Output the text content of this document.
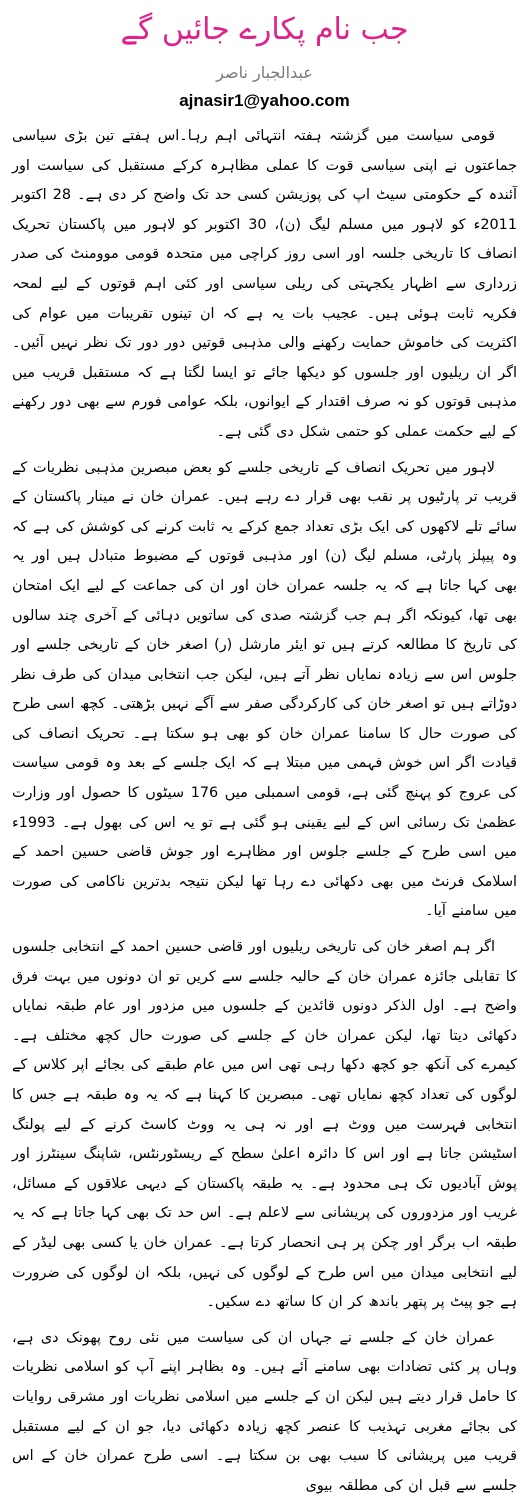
جب نام پکارے جائیں گے
عبدالجبار ناصر
ajnasir1@yahoo.com

قومی سیاست میں گزشتہ ہفتہ انتہائی اہم رہا۔اس ہفتے تین بڑی سیاسی جماعتوں نے اپنی سیاسی قوت کا عملی مظاہرہ کرکے مستقبل کی سیاست اور آئندہ کے حکومتی سیٹ اپ کی پوزیشن کسی حد تک واضح کر دی ہے۔ 28 اکتوبر 2011ء کو لاہور میں مسلم لیگ (ن)، 30 اکتوبر کو لاہور میں پاکستان تحریک انصاف کا تاریخی جلسہ اور اسی روز کراچی میں متحدہ قومی موومنٹ کی صدر زرداری سے اظہار یکجہتی کی ریلی سیاسی اور کئی اہم قوتوں کے لیے لمحہ فکریہ ثابت ہوئی ہیں۔ عجیب بات یہ ہے کہ ان تینوں تقریبات میں عوام کی اکثریت کی خاموش حمایت رکھنے والی مذہبی قوتیں دور دور تک نظر نہیں آئیں۔ اگر ان ریلیوں اور جلسوں کو دیکھا جائے تو ایسا لگتا ہے کہ مستقبل قریب میں مذہبی قوتوں کو نہ صرف اقتدار کے ایوانوں، بلکہ عوامی فورم سے بھی دور رکھنے کے لیے حکمت عملی کو حتمی شکل دی گئی ہے۔

لاہور میں تحریک انصاف کے تاریخی جلسے کو بعض مبصرین مذہبی نظریات کے قریب تر پارٹیوں پر نقب بھی قرار دے رہے ہیں۔ عمران خان نے مینار پاکستان کے سائے تلے لاکھوں کی ایک بڑی تعداد جمع کرکے یہ ثابت کرنے کی کوشش کی ہے کہ وہ پیپلز پارٹی، مسلم لیگ (ن) اور مذہبی قوتوں کے مضبوط متبادل ہیں اور یہ بھی کہا جاتا ہے کہ یہ جلسہ عمران خان اور ان کی جماعت کے لیے ایک امتحان بھی تھا، کیونکہ اگر ہم جب گزشتہ صدی کی ساتویں دہائی کے آخری چند سالوں کی تاریخ کا مطالعہ کرتے ہیں تو ایئر مارشل (ر) اصغر خان کے تاریخی جلسے اور جلوس اس سے زیادہ نمایاں نظر آتے ہیں، لیکن جب انتخابی میدان کی طرف نظر دوڑاتے ہیں تو اصغر خان کی کارکردگی صفر سے آگے نہیں بڑھتی۔ کچھ اسی طرح کی صورت حال کا سامنا عمران خان کو بھی ہو سکتا ہے۔ تحریک انصاف کی قیادت اگر اس خوش فہمی میں مبتلا ہے کہ ایک جلسے کے بعد وہ قومی سیاست کی عروج کو پہنچ گئی ہے، قومی اسمبلی میں 176 سیٹوں کا حصول اور وزارت عظمیٰ تک رسائی اس کے لیے یقینی ہو گئی ہے تو یہ اس کی بھول ہے۔ 1993ء میں اسی طرح کے جلسے جلوس اور مظاہرے اور جوش قاضی حسین احمد کے اسلامک فرنٹ میں بھی دکھائی دے رہا تھا لیکن نتیجہ بدترین ناکامی کی صورت میں سامنے آیا۔

اگر ہم اصغر خان کی تاریخی ریلیوں اور قاضی حسین احمد کے انتخابی جلسوں کا تقابلی جائزہ عمران خان کے حالیہ جلسے سے کریں تو ان دونوں میں بہت فرق واضح ہے۔ اول الذکر دونوں قائدین کے جلسوں میں مزدور اور عام طبقہ نمایاں دکھائی دیتا تھا، لیکن عمران خان کے جلسے کی صورت حال کچھ مختلف ہے۔ کیمرے کی آنکھ جو کچھ دکھا رہی تھی اس میں عام طبقے کی بجائے اپر کلاس کے لوگوں کی تعداد کچھ نمایاں تھی۔ مبصرین کا کہنا ہے کہ یہ وہ طبقہ ہے جس کا انتخابی فہرست میں ووٹ ہے اور نہ ہی یہ ووٹ کاسٹ کرنے کے لیے پولنگ اسٹیشن جاتا ہے اور اس کا دائرہ اعلیٰ سطح کے ریسٹورنٹس، شاپنگ سینٹرز اور پوش آبادیوں تک ہی محدود ہے۔ یہ طبقہ پاکستان کے دیہی علاقوں کے مسائل، غریب اور مزدوروں کی پریشانی سے لاعلم ہے۔ اس حد تک بھی کہا جاتا ہے کہ یہ طبقہ اب برگر اور چکن پر ہی انحصار کرتا ہے۔ عمران خان یا کسی بھی لیڈر کے لیے انتخابی میدان میں اس طرح کے لوگوں کی نہیں، بلکہ ان لوگوں کی ضرورت ہے جو پیٹ پر پتھر باندھ کر ان کا ساتھ دے سکیں۔

عمران خان کے جلسے نے جہاں ان کی سیاست میں نئی روح پھونک دی ہے، وہاں پر کئی تضادات بھی سامنے آئے ہیں۔ وہ بظاہر اپنے آپ کو اسلامی نظریات کا حامل قرار دیتے ہیں لیکن ان کے جلسے میں اسلامی نظریات اور مشرقی روایات کی بجائے مغربی تہذیب کا عنصر کچھ زیادہ دکھائی دیا، جو ان کے لیے مستقبل قریب میں پریشانی کا سبب بھی بن سکتا ہے۔ اسی طرح عمران خان کے اس جلسے سے قبل ان کی مطلقہ بیوی
